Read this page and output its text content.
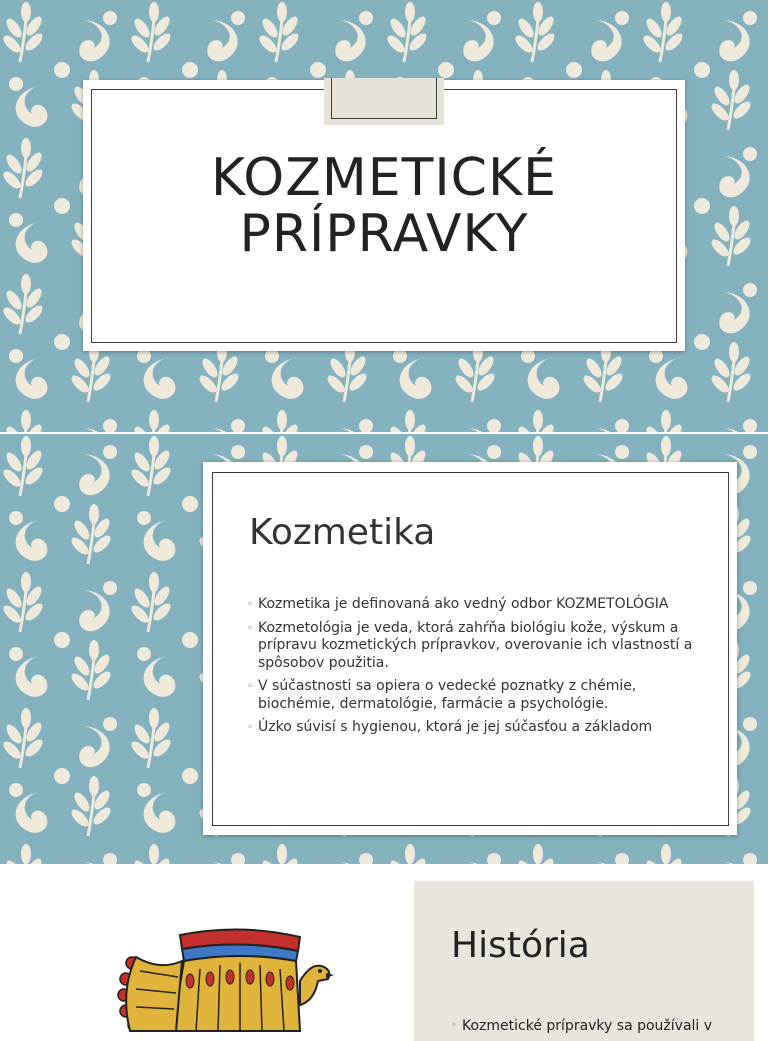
KOZMETICKÉ
PRÍPRAVKY
Kozmetika
◦ Kozmetika je definovaná ako vedný odbor KOZMETOLÓGIA
◦ Kozmetológia je veda, ktorá zahŕňa biológiu kože, výskum a prípravu kozmetických prípravkov, overovanie ich vlastností a spôsobov použitia.
◦ V súčastnosti sa opiera o vedecké poznatky z chémie, biochémie, dermatológie, farmácie a psychológie.
◦ Úzko súvisí s hygienou, ktorá je jej súčasťou a základom
História

◦ Kozmetické prípravky sa používali v
